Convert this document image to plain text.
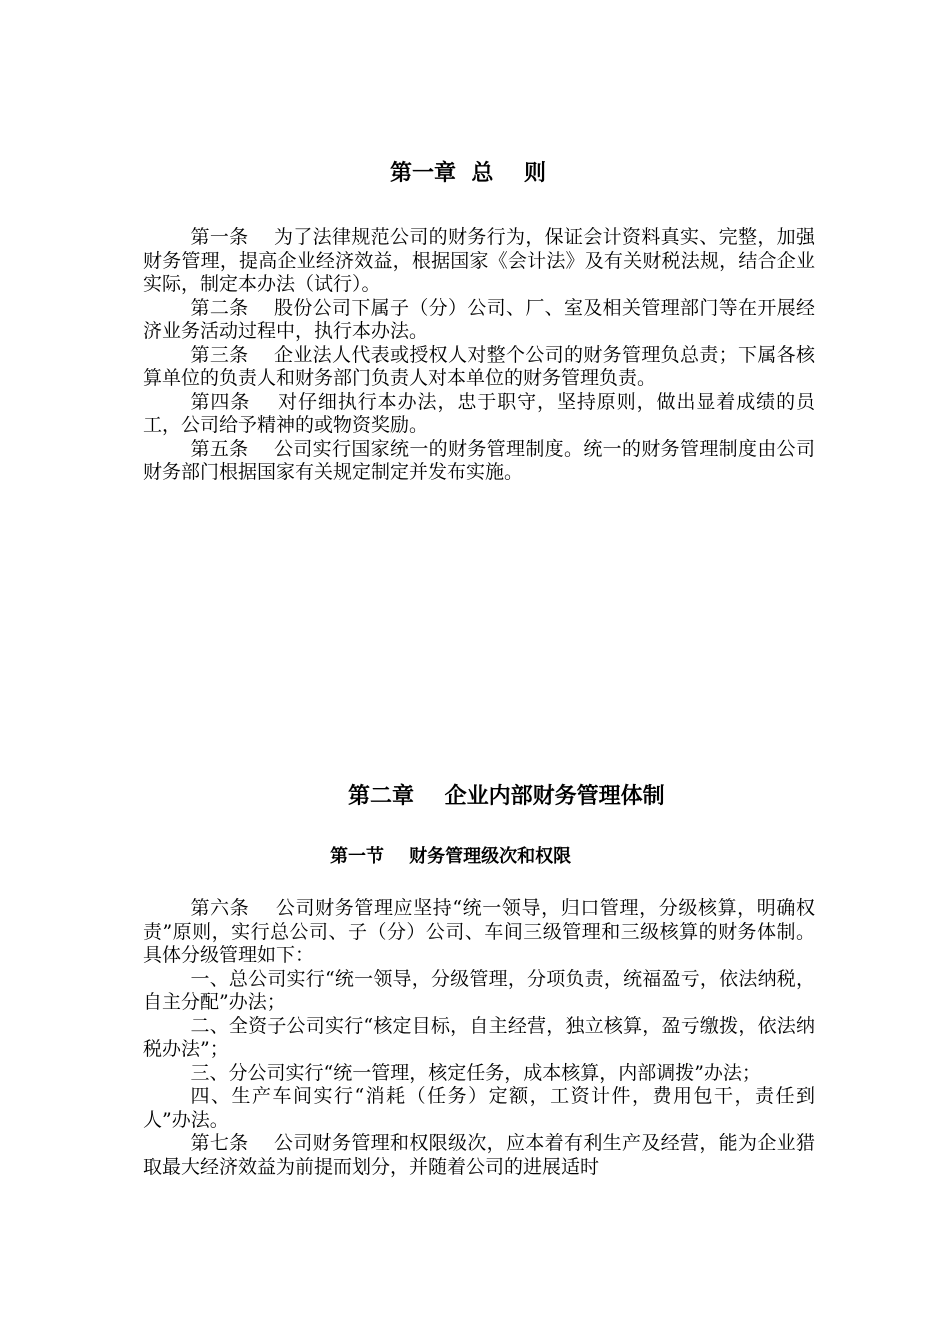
第一章  总    则

第一条    为了法律规范公司的财务行为，保证会计资料真实、完整，加强财务管理，提高企业经济效益，根据国家《会计法》及有关财税法规，结合企业实际，制定本办法（试行）。

第二条    股份公司下属子（分）公司、厂、室及相关管理部门等在开展经济业务活动过程中，执行本办法。

第三条    企业法人代表或授权人对整个公司的财务管理负总责；下属各核算单位的负责人和财务部门负责人对本单位的财务管理负责。

第四条    对仔细执行本办法，忠于职守，坚持原则，做出显着成绩的员工，公司给予精神的或物资奖励。

第五条    公司实行国家统一的财务管理制度。统一的财务管理制度由公司财务部门根据国家有关规定制定并发布实施。

第二章    企业内部财务管理体制
第一节    财务管理级次和权限

第六条    公司财务管理应坚持“统一领导，归口管理，分级核算，明确权责”原则，实行总公司、子（分）公司、车间三级管理和三级核算的财务体制。具体分级管理如下：

一、总公司实行“统一领导，分级管理，分项负责，统福盈亏，依法纳税，自主分配”办法；

二、全资子公司实行“核定目标，自主经营，独立核算，盈亏缴拨，依法纳税办法”；

三、分公司实行“统一管理，核定任务，成本核算，内部调拨”办法；

四、生产车间实行“消耗（任务）定额，工资计件，费用包干，责任到人”办法。

第七条    公司财务管理和权限级次，应本着有利生产及经营，能为企业猎取最大经济效益为前提而划分，并随着公司的进展适时
